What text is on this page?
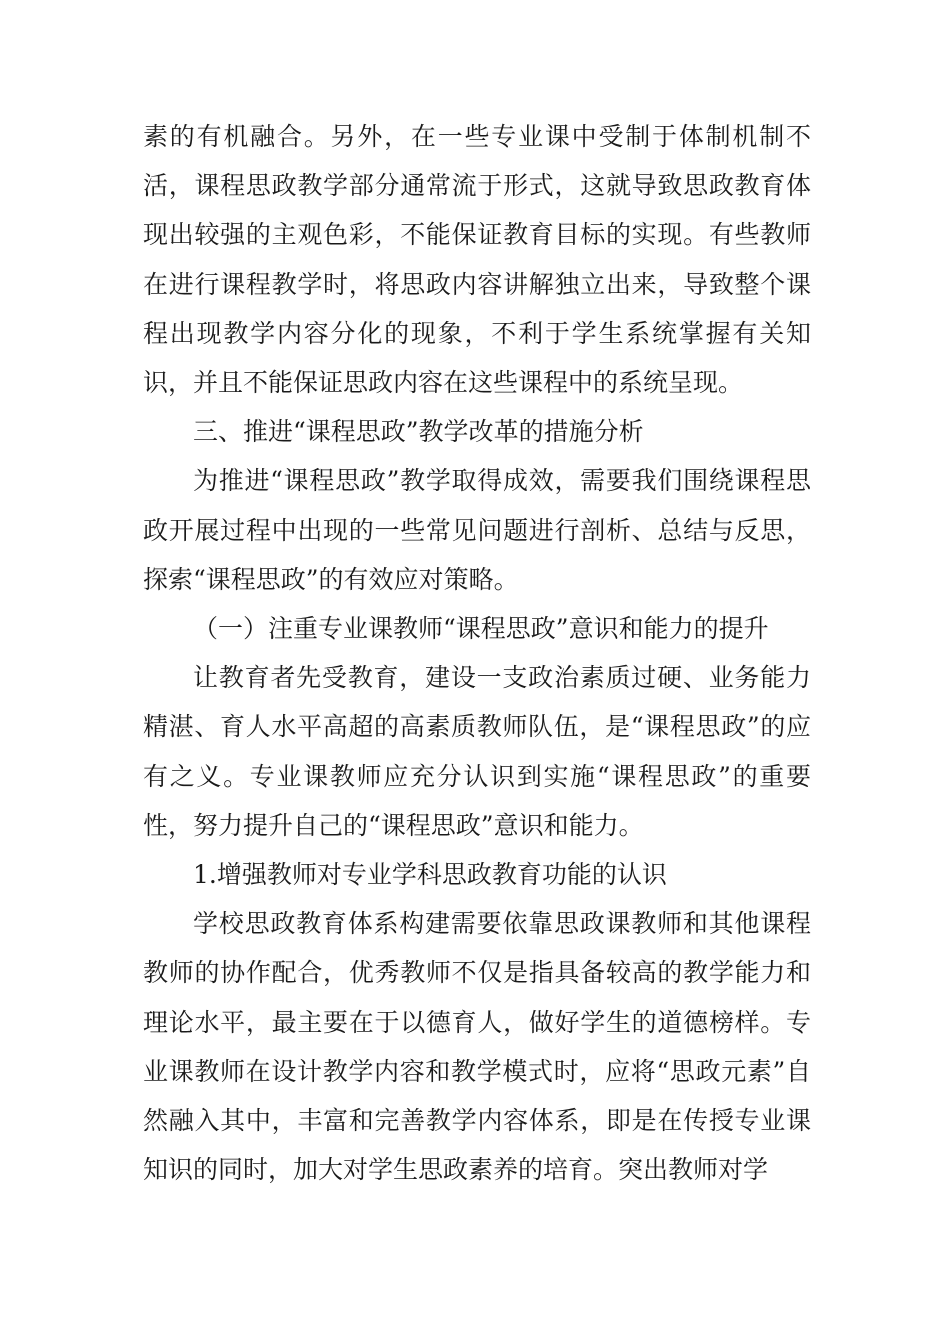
素的有机融合。另外，在一些专业课中受制于体制机制不活，课程思政教学部分通常流于形式，这就导致思政教育体现出较强的主观色彩，不能保证教育目标的实现。有些教师在进行课程教学时，将思政内容讲解独立出来，导致整个课程出现教学内容分化的现象，不利于学生系统掌握有关知识，并且不能保证思政内容在这些课程中的系统呈现。

三、推进“课程思政”教学改革的措施分析

为推进“课程思政”教学取得成效，需要我们围绕课程思政开展过程中出现的一些常见问题进行剖析、总结与反思，探索“课程思政”的有效应对策略。

（一）注重专业课教师“课程思政”意识和能力的提升

让教育者先受教育，建设一支政治素质过硬、业务能力精湛、育人水平高超的高素质教师队伍，是“课程思政”的应有之义。专业课教师应充分认识到实施“课程思政”的重要性，努力提升自己的“课程思政”意识和能力。

1.增强教师对专业学科思政教育功能的认识

学校思政教育体系构建需要依靠思政课教师和其他课程教师的协作配合，优秀教师不仅是指具备较高的教学能力和理论水平，最主要在于以德育人，做好学生的道德榜样。专业课教师在设计教学内容和教学模式时，应将“思政元素”自然融入其中，丰富和完善教学内容体系，即是在传授专业课知识的同时，加大对学生思政素养的培育。突出教师对学
